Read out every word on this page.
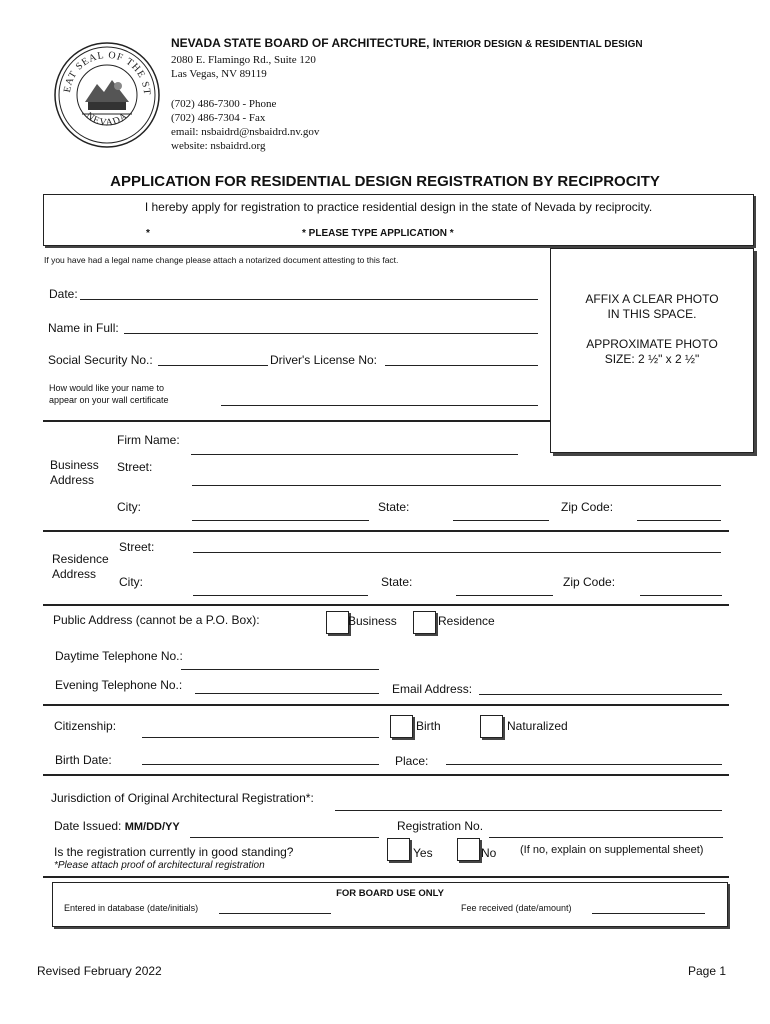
EAT SEAL OF THE ST
NEVADA
NEVADA STATE BOARD OF ARCHITECTURE, INTERIOR DESIGN & RESIDENTIAL DESIGN
2080 E. Flamingo Rd., Suite 120
Las Vegas, NV 89119
(702) 486-7300 - Phone
(702) 486-7304 - Fax
email: nsbaidrd@nsbaidrd.nv.gov
website: nsbaidrd.org
APPLICATION FOR RESIDENTIAL DESIGN REGISTRATION BY RECIPROCITY
I hereby apply for registration to practice residential design in the state of Nevada by reciprocity.
*	* PLEASE TYPE APPLICATION *
If you have had a legal name change please attach a notarized document attesting to this fact.
AFFIX A CLEAR PHOTO
IN THIS SPACE.
APPROXIMATE PHOTO
SIZE: 2 ½" x 2 ½"
Date:
Name in Full:
Social Security No.:	Driver's License No:
How would like your name to
appear on your wall certificate
Firm Name:
Business
Address
Street:
City:	State:	Zip Code:
Street:
Residence
Address
City:	State:	Zip Code:
Public Address (cannot be a P.O. Box):	Business	Residence
Daytime Telephone No.:
Evening Telephone No.:	Email Address:
Citizenship:	Birth	Naturalized
Birth Date:	Place:
Jurisdiction of Original Architectural Registration*:
Date Issued: MM/DD/YY	Registration No.
Is the registration currently in good standing?
*Please attach proof of architectural registration
Yes	No (If no, explain on supplemental sheet)
FOR BOARD USE ONLY
Entered in database (date/initials)	Fee received (date/amount)
Revised February 2022	Page 1
